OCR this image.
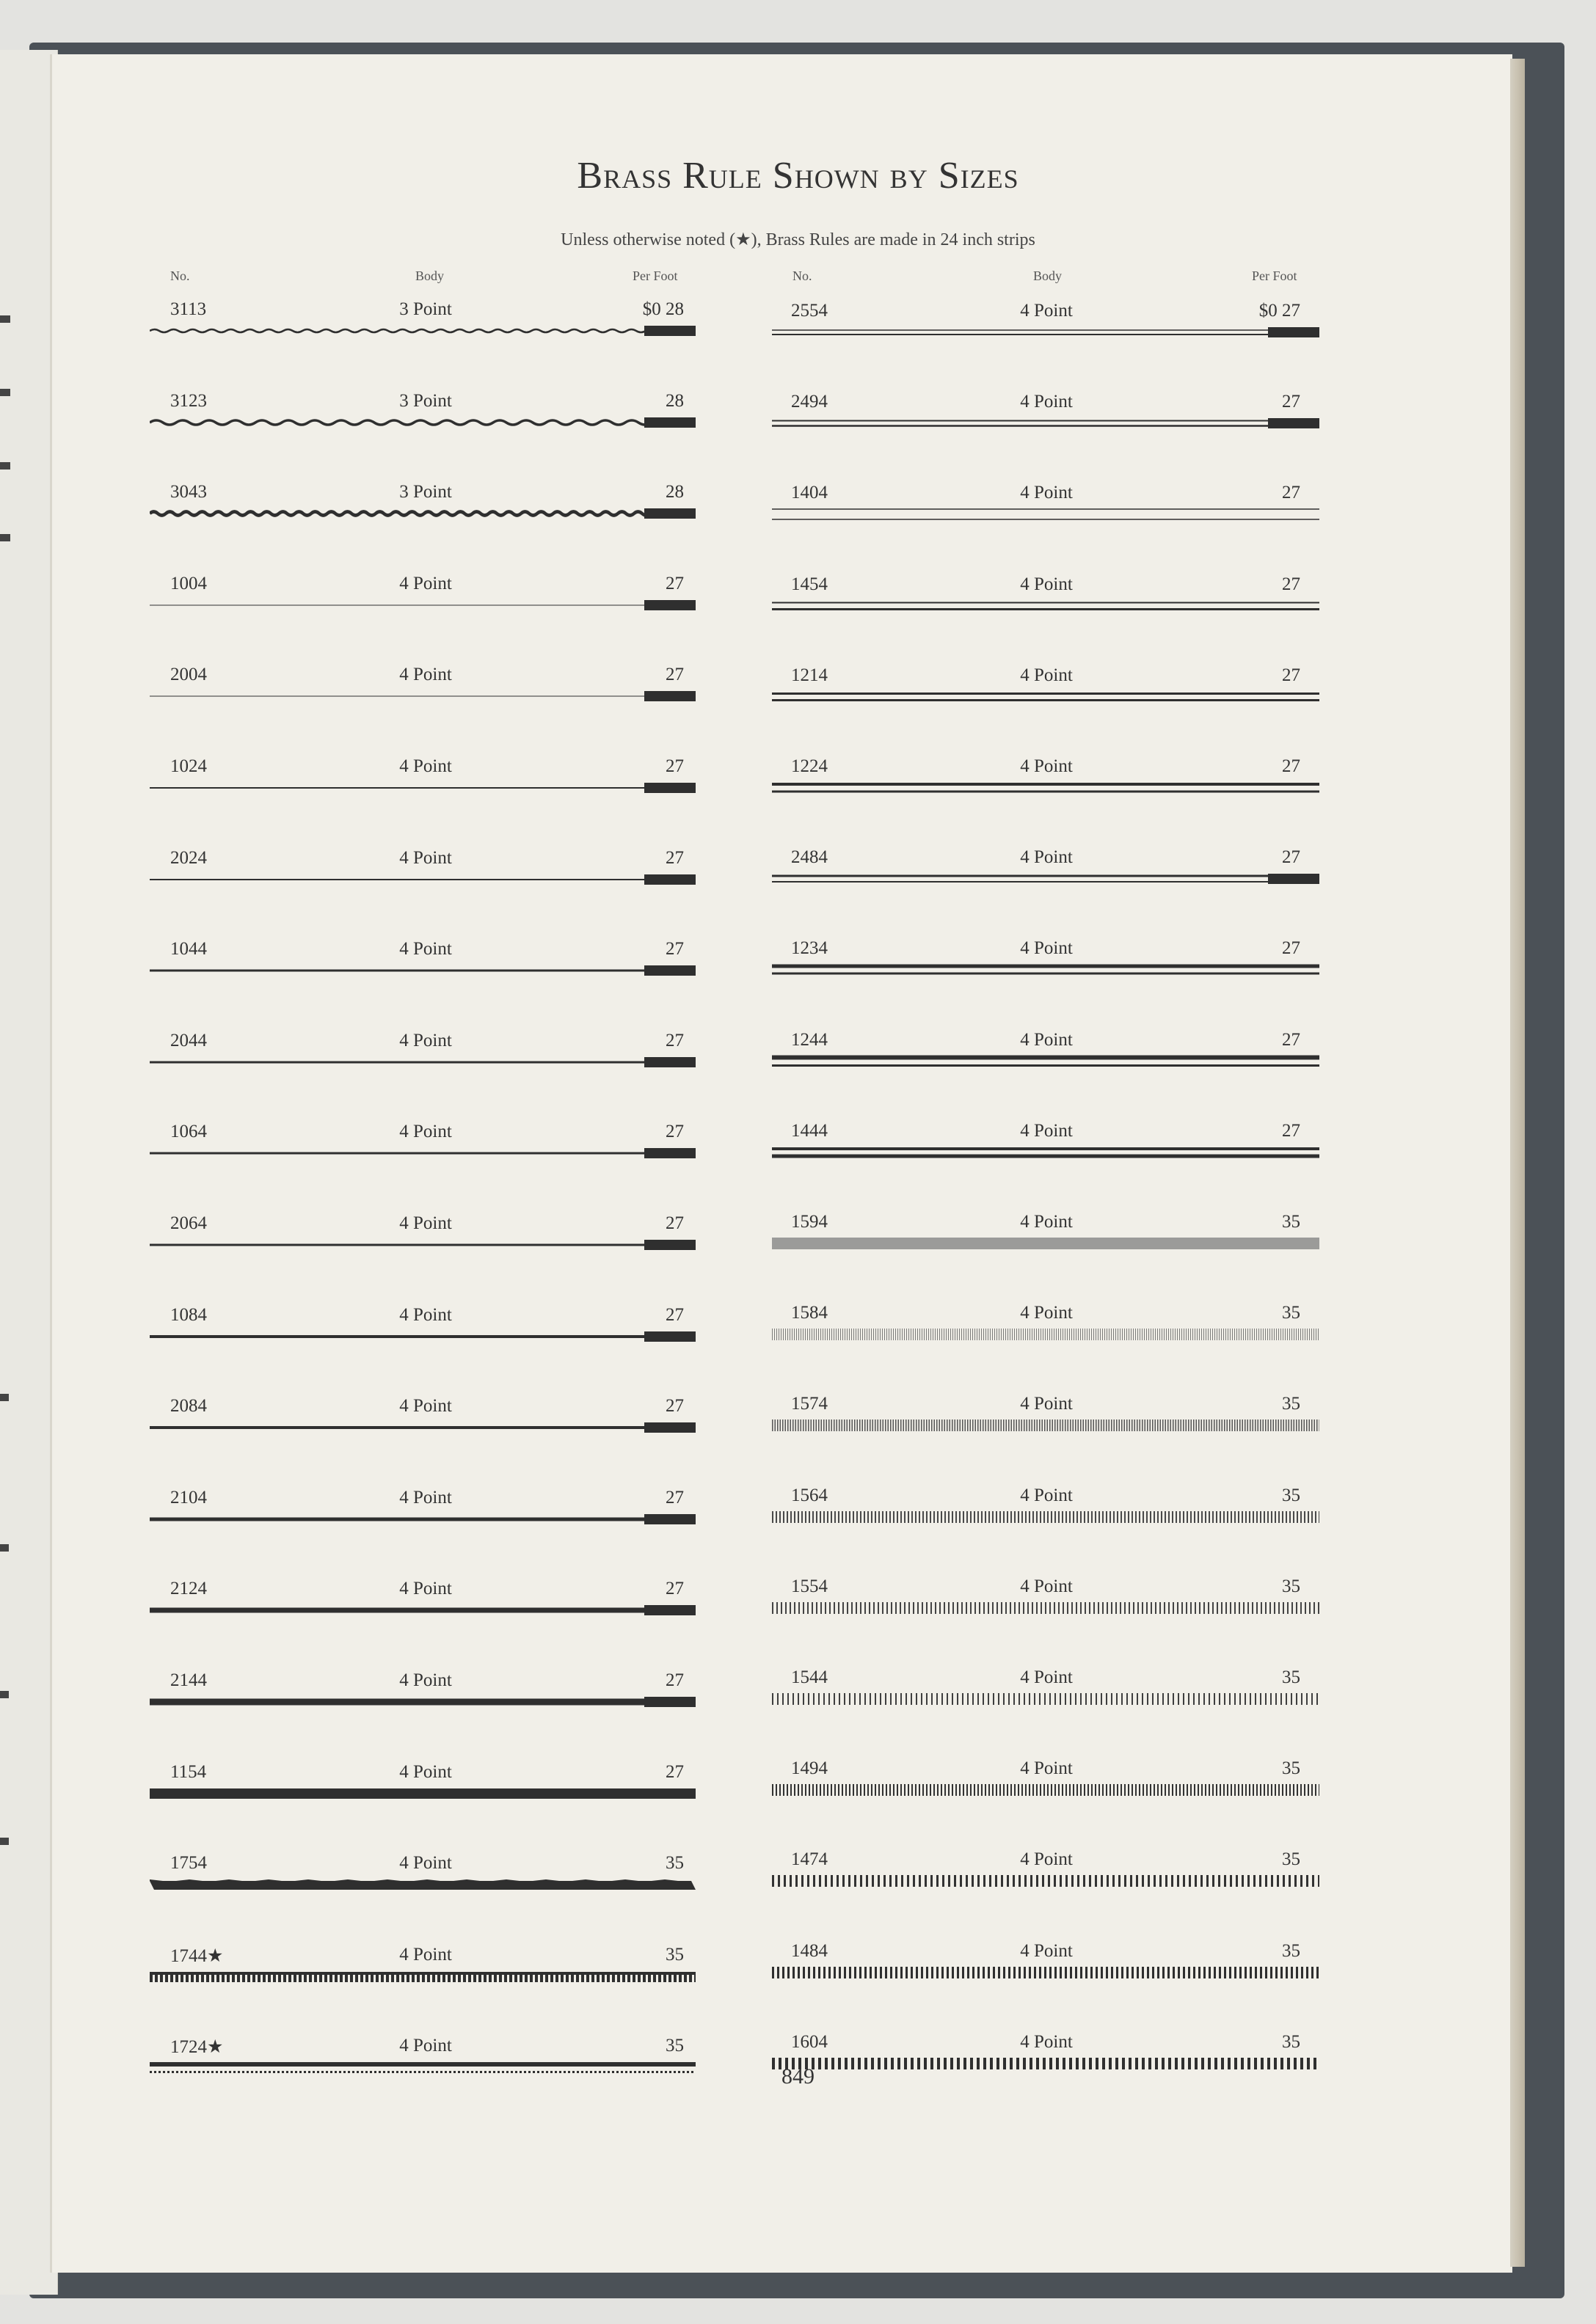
Brass Rule Shown by Sizes
Unless otherwise noted (★), Brass Rules are made in 24 inch strips
No.	Body	Per Foot	No.	Body	Per Foot
3113	3 Point	$0 28
3123	3 Point	28
3043	3 Point	28
1004	4 Point	27
2004	4 Point	27
1024	4 Point	27
2024	4 Point	27
1044	4 Point	27
2044	4 Point	27
1064	4 Point	27
2064	4 Point	27
1084	4 Point	27
2084	4 Point	27
2104	4 Point	27
2124	4 Point	27
2144	4 Point	27
1154	4 Point	27
1754	4 Point	35
1744★	4 Point	35
1724★	4 Point	35
2554	4 Point	$0 27
2494	4 Point	27
1404	4 Point	27
1454	4 Point	27
1214	4 Point	27
1224	4 Point	27
2484	4 Point	27
1234	4 Point	27
1244	4 Point	27
1444	4 Point	27
1594	4 Point	35
1584	4 Point	35
1574	4 Point	35
1564	4 Point	35
1554	4 Point	35
1544	4 Point	35
1494	4 Point	35
1474	4 Point	35
1484	4 Point	35
1604	4 Point	35
849
